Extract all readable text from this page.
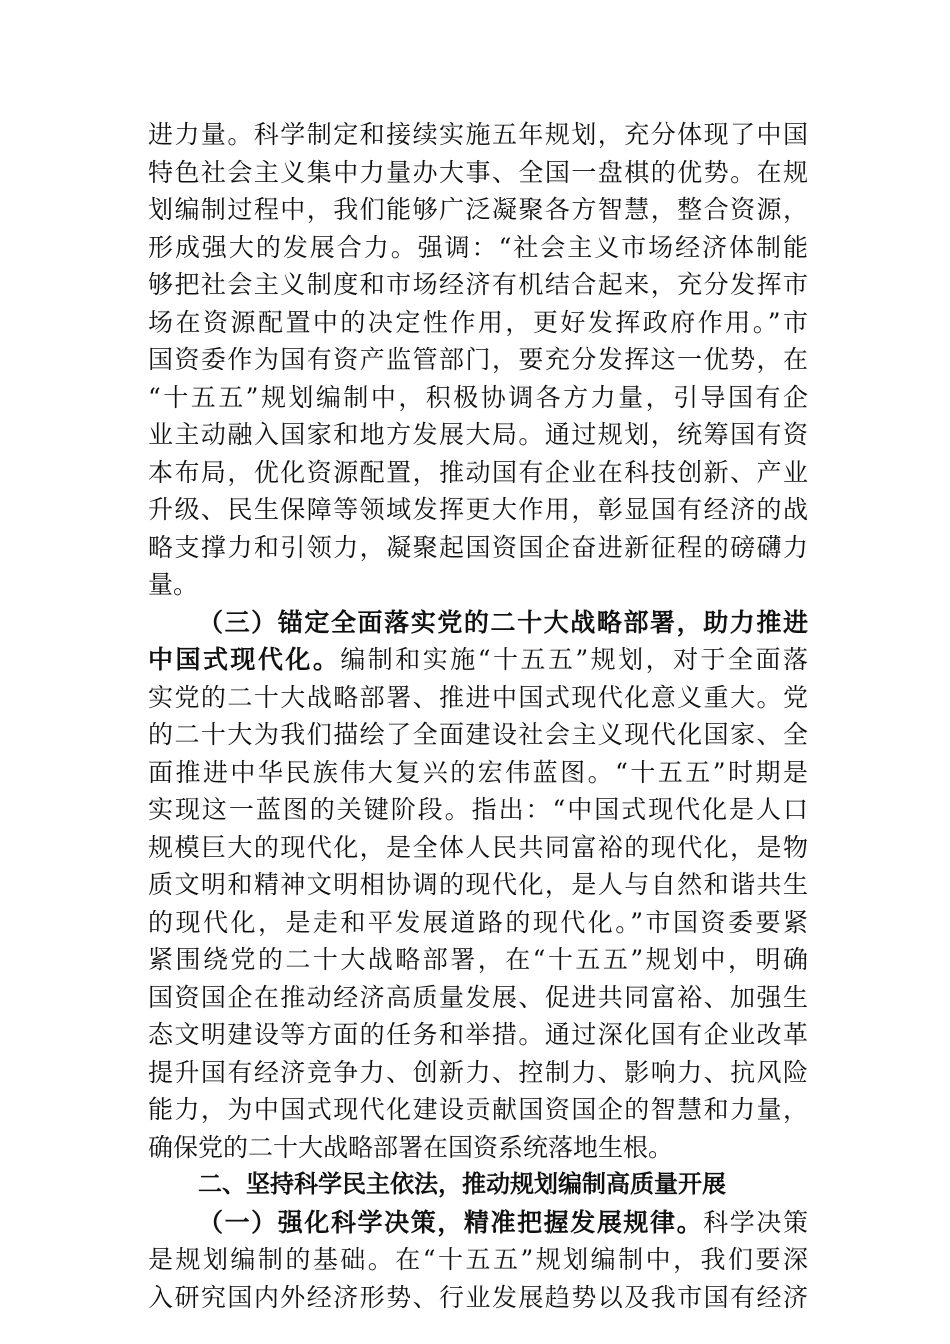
进力量。科学制定和接续实施五年规划，充分体现了中国
特色社会主义集中力量办大事、全国一盘棋的优势。在规
划编制过程中，我们能够广泛凝聚各方智慧，整合资源，
形成强大的发展合力。强调：“社会主义市场经济体制能
够把社会主义制度和市场经济有机结合起来，充分发挥市
场在资源配置中的决定性作用，更好发挥政府作用。”市
国资委作为国有资产监管部门，要充分发挥这一优势，在
“十五五”规划编制中，积极协调各方力量，引导国有企
业主动融入国家和地方发展大局。通过规划，统筹国有资
本布局，优化资源配置，推动国有企业在科技创新、产业
升级、民生保障等领域发挥更大作用，彰显国有经济的战
略支撑力和引领力，凝聚起国资国企奋进新征程的磅礴力
量。
（三）锚定全面落实党的二十大战略部署，助力推进
中国式现代化。编制和实施“十五五”规划，对于全面落
实党的二十大战略部署、推进中国式现代化意义重大。党
的二十大为我们描绘了全面建设社会主义现代化国家、全
面推进中华民族伟大复兴的宏伟蓝图。“十五五”时期是
实现这一蓝图的关键阶段。指出：“中国式现代化是人口
规模巨大的现代化，是全体人民共同富裕的现代化，是物
质文明和精神文明相协调的现代化，是人与自然和谐共生
的现代化，是走和平发展道路的现代化。”市国资委要紧
紧围绕党的二十大战略部署，在“十五五”规划中，明确
国资国企在推动经济高质量发展、促进共同富裕、加强生
态文明建设等方面的任务和举措。通过深化国有企业改革
提升国有经济竞争力、创新力、控制力、影响力、抗风险
能力，为中国式现代化建设贡献国资国企的智慧和力量，
确保党的二十大战略部署在国资系统落地生根。
二、坚持科学民主依法，推动规划编制高质量开展
（一）强化科学决策，精准把握发展规律。科学决策
是规划编制的基础。在“十五五”规划编制中，我们要深
入研究国内外经济形势、行业发展趋势以及我市国有经济
